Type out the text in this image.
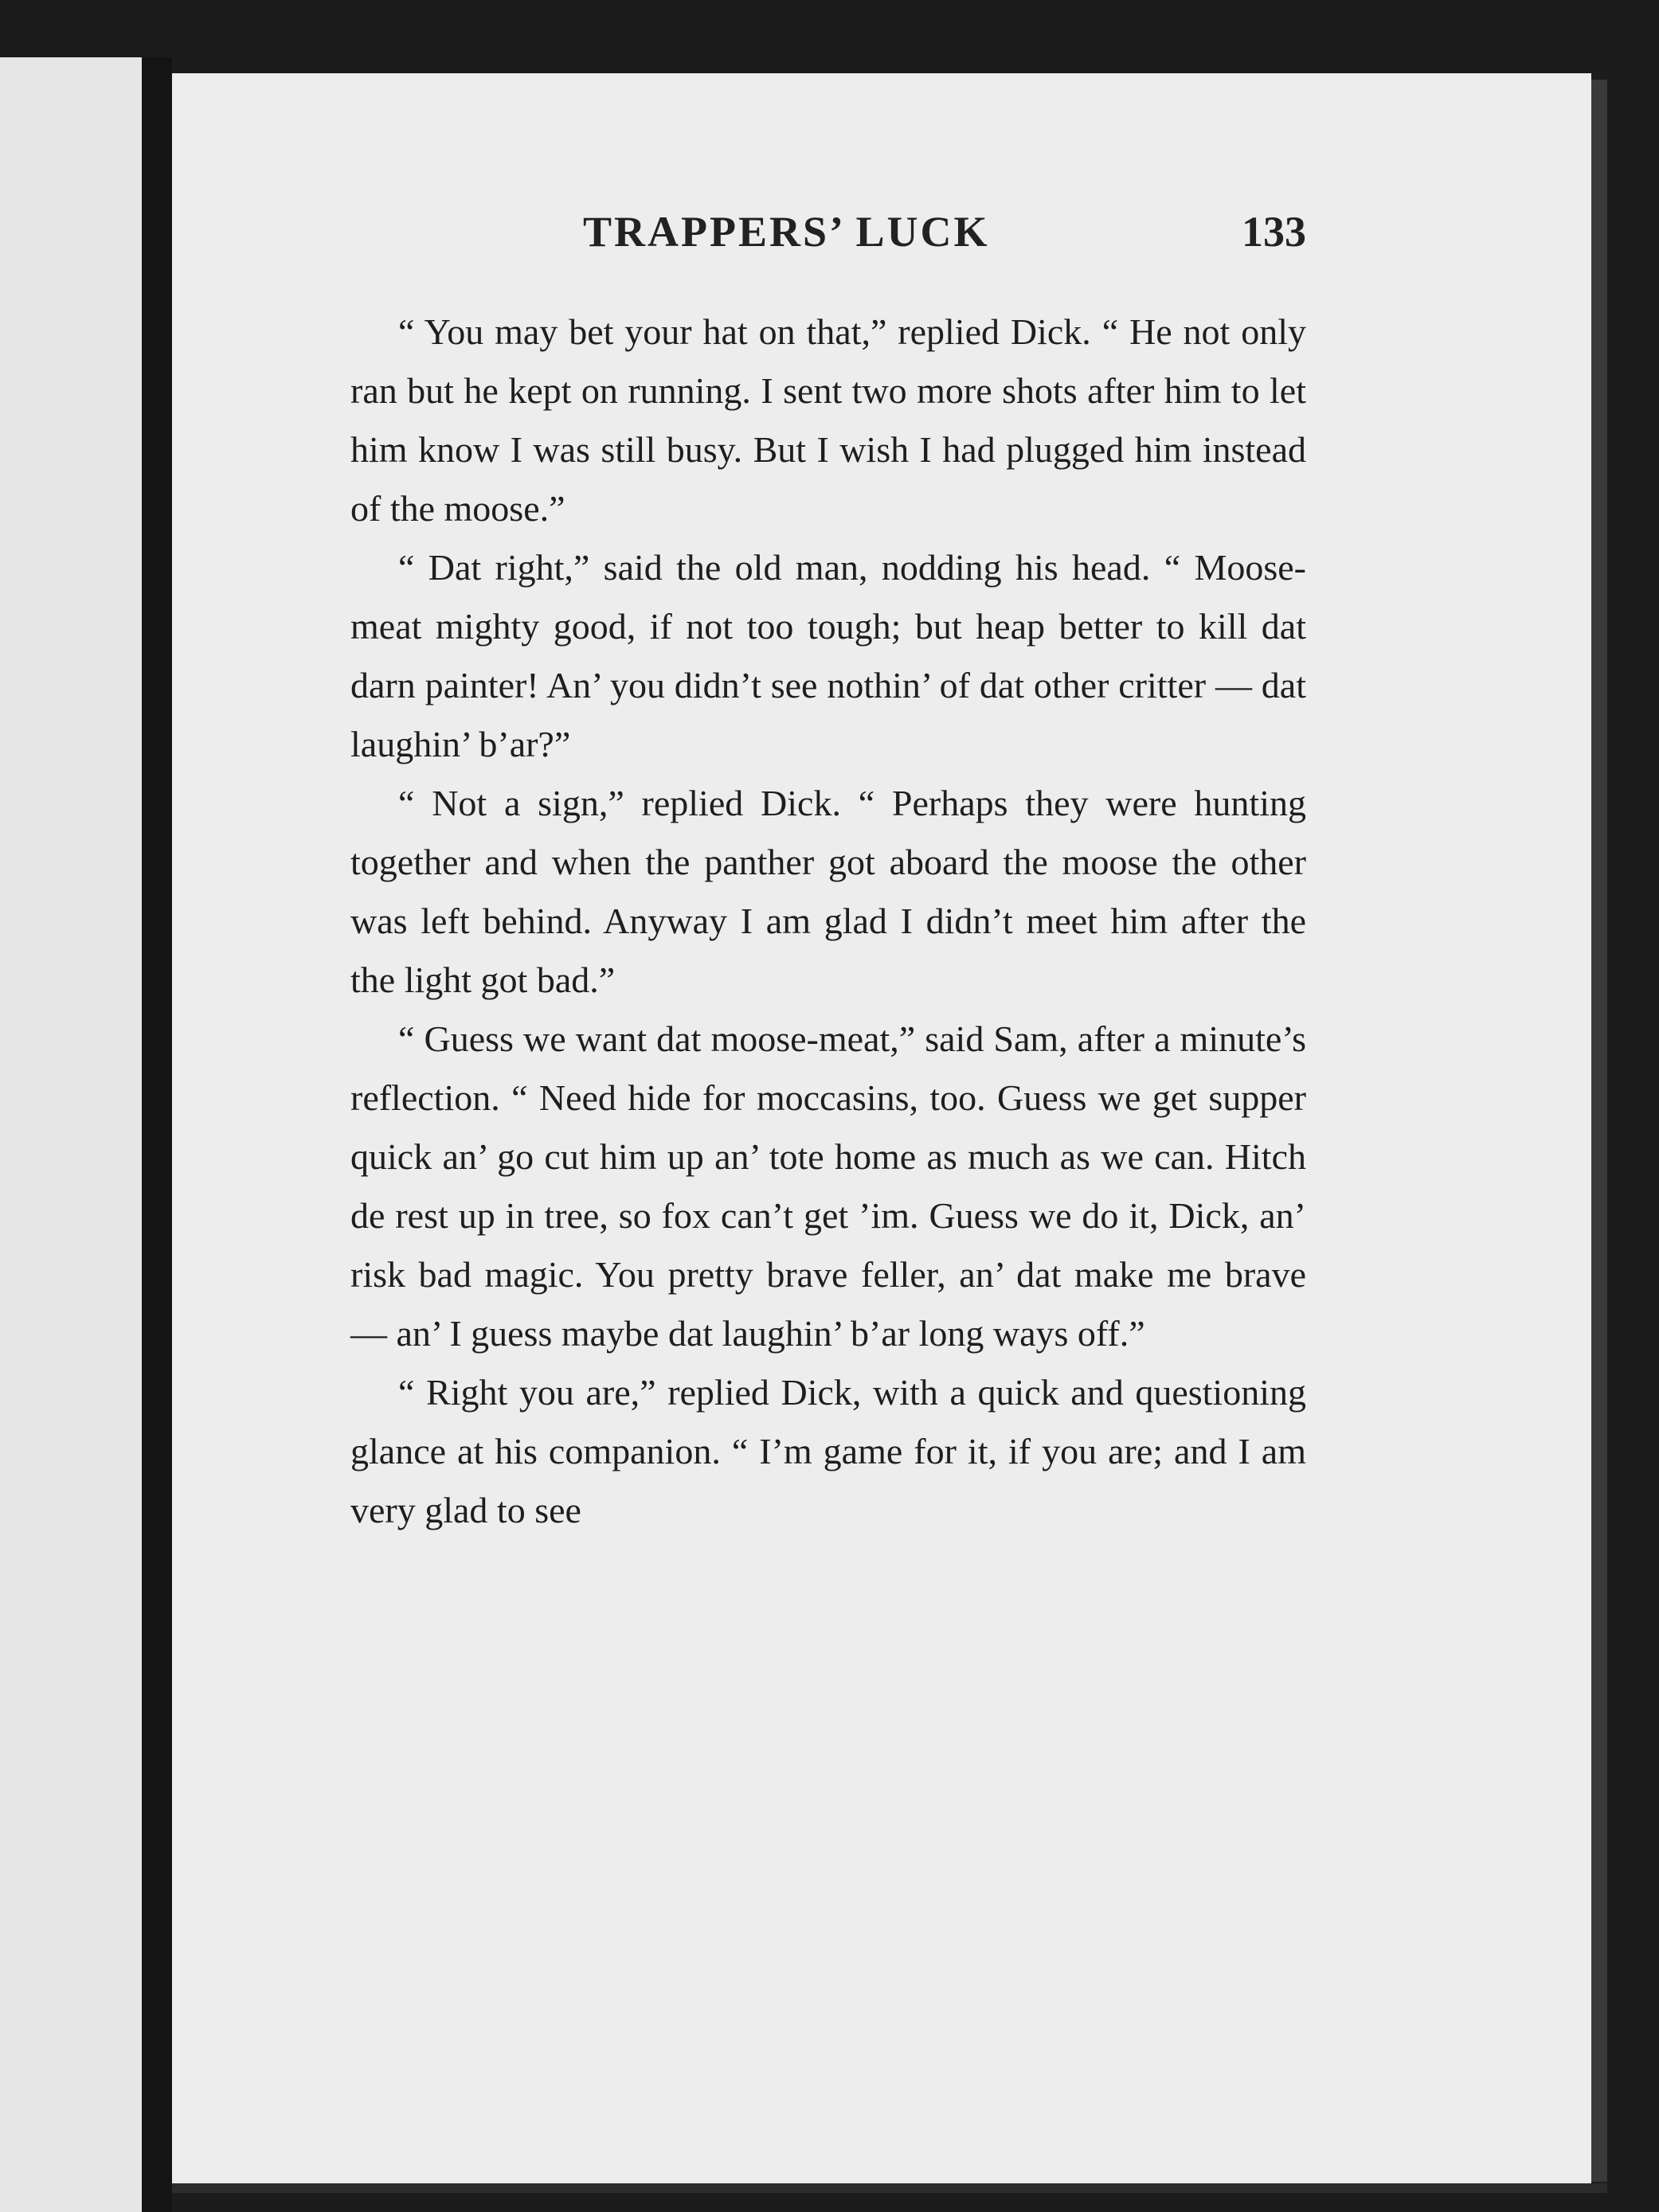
TRAPPERS’ LUCK	133

“ You may bet your hat on that,” replied Dick. “ He not only ran but he kept on running. I sent two more shots after him to let him know I was still busy. But I wish I had plugged him instead of the moose.”

“ Dat right,” said the old man, nodding his head. “ Moose-meat mighty good, if not too tough; but heap better to kill dat darn painter! An’ you didn’t see nothin’ of dat other critter — dat laughin’ b’ar?”

“ Not a sign,” replied Dick. “ Perhaps they were hunting together and when the panther got aboard the moose the other was left behind. Anyway I am glad I didn’t meet him after the the light got bad.”

“ Guess we want dat moose-meat,” said Sam, after a minute’s reflection. “ Need hide for moccasins, too. Guess we get supper quick an’ go cut him up an’ tote home as much as we can. Hitch de rest up in tree, so fox can’t get ’im. Guess we do it, Dick, an’ risk bad magic. You pretty brave feller, an’ dat make me brave — an’ I guess maybe dat laughin’ b’ar long ways off.”

“ Right you are,” replied Dick, with a quick and questioning glance at his companion. “ I’m game for it, if you are; and I am very glad to see
